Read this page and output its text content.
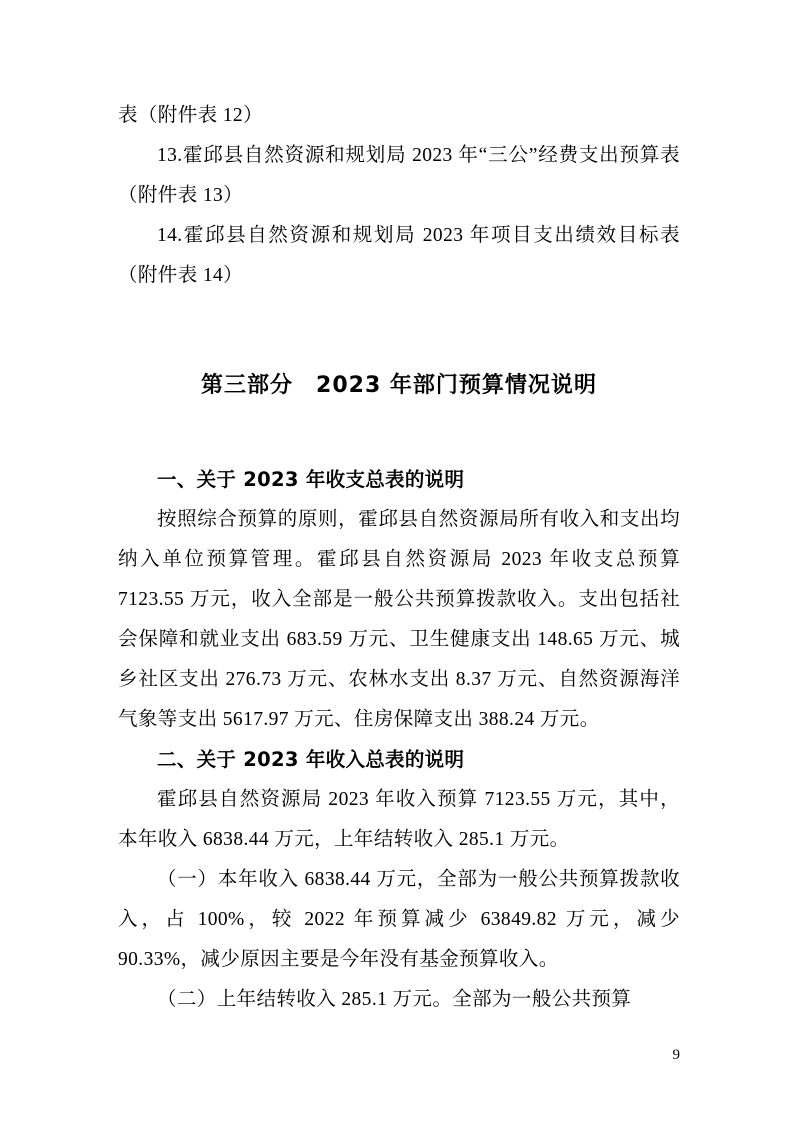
表（附件表 12）

13.霍邱县自然资源和规划局 2023 年“三公”经费支出预算表（附件表 13）

14.霍邱县自然资源和规划局 2023 年项目支出绩效目标表（附件表 14）

第三部分　2023 年部门预算情况说明

一、关于 2023 年收支总表的说明

按照综合预算的原则，霍邱县自然资源局所有收入和支出均纳入单位预算管理。霍邱县自然资源局 2023 年收支总预算 7123.55 万元，收入全部是一般公共预算拨款收入。支出包括社会保障和就业支出 683.59 万元、卫生健康支出 148.65 万元、城乡社区支出 276.73 万元、农林水支出 8.37 万元、自然资源海洋气象等支出 5617.97 万元、住房保障支出 388.24 万元。

二、关于 2023 年收入总表的说明

霍邱县自然资源局 2023 年收入预算 7123.55 万元，其中，本年收入 6838.44 万元，上年结转收入 285.1 万元。

（一）本年收入 6838.44 万元，全部为一般公共预算拨款收入，占 100%，较 2022 年预算减少 63849.82 万元，减少 90.33%，减少原因主要是今年没有基金预算收入。

（二）上年结转收入 285.1 万元。全部为一般公共预算

9
